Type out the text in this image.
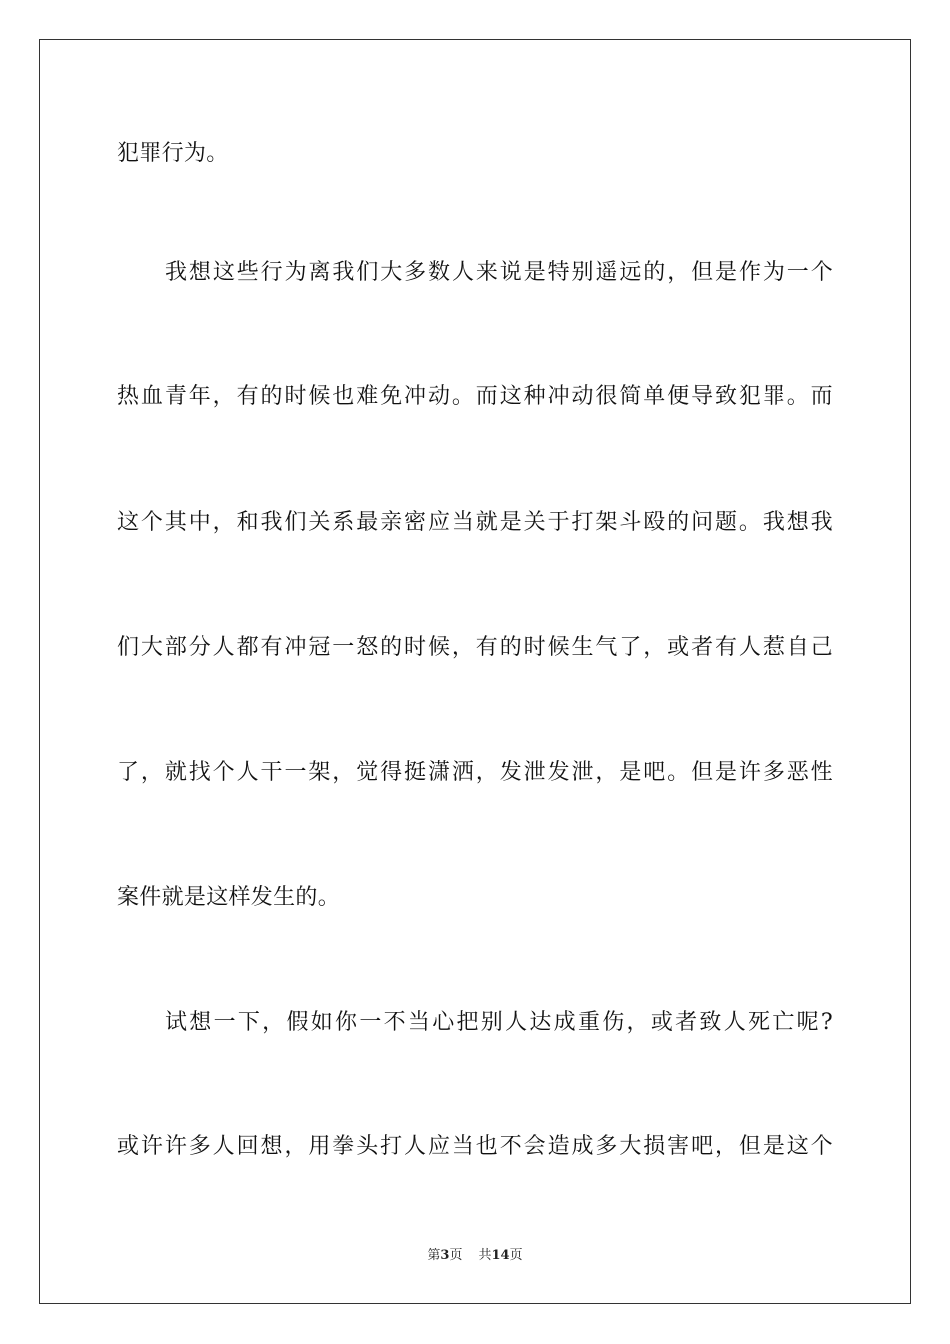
犯罪行为。
我想这些行为离我们大多数人来说是特别遥远的，但是作为一个
热血青年，有的时候也难免冲动。而这种冲动很简单便导致犯罪。而
这个其中，和我们关系最亲密应当就是关于打架斗殴的问题。我想我
们大部分人都有冲冠一怒的时候，有的时候生气了，或者有人惹自己
了，就找个人干一架，觉得挺潇洒，发泄发泄，是吧。但是许多恶性
案件就是这样发生的。
试想一下，假如你一不当心把别人达成重伤，或者致人死亡呢?
或许许多人回想，用拳头打人应当也不会造成多大损害吧，但是这个
第3页 共14页
